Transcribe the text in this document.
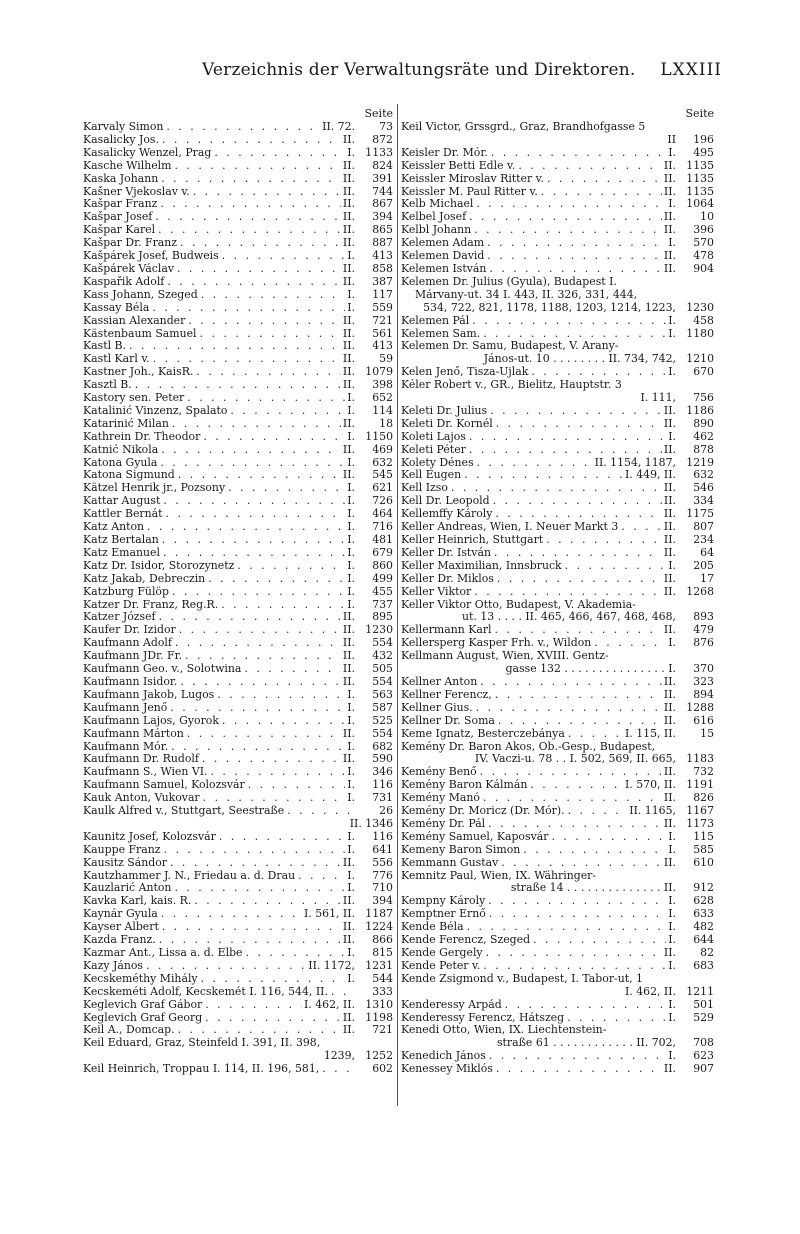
Verzeichnis der Verwaltungsräte und Direktoren. LXXIII
Seite
Karvaly Simon . . .	II. 72.	73
Kasalicky Jos. . . .	II.	872
Kasalicky Wenzel, Prag . . .	I. 1133
Kasche Wilhelm . . .	II.	824
Kaska Johann . . .	II.	391
Kašner Vjekoslav v. . . .	II.	744
Kašpar Franz . . .	II.	867
Kašpar Josef . . .	II.	394
Kašpar Karel . . .	II.	865
Kašpar Dr. Franz . . .	II.	887
Kašpárek Josef, Budweis . . .	I.	413
Kašpárek Václav . . .	II.	858
Kaspařik Adolf . . .	II.	387
Kass Johann, Szeged . . .	I.	117
Kassay Béla . . .	I.	559
Kassian Alexander . . .	II.	721
Kästenbaum Samuel . . .	II.	561
Kastl B. . . .	II.	413
Kastl Karl v. . . .	II.	59
Kastner Joh., KaisR. . . .	II. 1079
Kasztl B. . . .	II.	398
Kastory sen. Peter . . .	I.	652
Katalinić Vinzenz, Spalato . . .	I.	114
Katarinić Milan . . .	II.	18
Kathrein Dr. Theodor . . .	I. 1150
Katnić Nikola . . .	II.	469
Katona Gyula . . .	I.	632
Katona Sigmund . . .	II.	545
Kätzel Henrik jr., Pozsony . . .	I.	621
Kattar August . . .	I.	726
Kattler Bernát . . .	I.	464
Katz Anton . . .	I.	716
Katz Bertalan . . .	I.	481
Katz Emanuel . . .	I.	679
Katz Dr. Isidor, Storozynetz . . .	I.	860
Katz Jakab, Debreczin . . .	I.	499
Katzburg Fülöp . . .	I.	455
Katzer Dr. Franz, Reg.R. . . .	I.	737
Katzer József . . .	II.	895
Kaufer Dr. Izidor . . .	II. 1230
Kaufmann Adolf . . .	II.	554
Kaufmann JDr. Fr. . . .	II.	432
Kaufmann Geo. v., Solotwina . . .	II.	505
Kaufmann Isidor. . . .	II.	554
Kaufmann Jakob, Lugos . . .	I.	563
Kaufmann Jenő . . .	I.	587
Kaufmann Lajos, Gyorok . . .	I.	525
Kaufmann Márton . . .	II.	554
Kaufmann Mór. . . .	I.	682
Kaufmann Dr. Rudolf . . .	II.	590
Kaufmann S., Wien VI. . . .	I.	346
Kaufmann Samuel, Kolozsvár . . .	I.	116
Kauk Anton, Vukovar . . .	I.	731
Kaulk Alfred v., Stuttgart, Seestraße . . .	26
II. 1346
Kaunitz Josef, Kolozsvár . . .	I.	116
Kauppe Franz . . .	I.	641
Kausitz Sándor . . .	II.	556
Kautzhammer J. N., Friedau a. d. Drau . . .	I.	776
Kauzlarić Anton . . .	I.	710
Kavka Karl, kais. R. . . .	II.	394
Kaynár Gyula . . .	I. 561, II. 1187
Kayser Albert . . .	II. 1224
Kazda Franz. . . .	II.	866
Kazmar Ant., Lissa a. d. Elbe . . .	I.	815
Kazy János . . .	II. 1172, 1231
Kecskeméthy Mihály . . .	I.	544
Kecskeméti Adolf, Kecskemét I. 116, 544, II. . . .	333
Keglevich Graf Gábor . . .	I. 462, II. 1310
Keglevich Graf Georg . . .	II. 1198
Keil A., Domcap. . . .	II.	721
Keil Eduard, Graz, Steinfeld I. 391, II. 398,
1239, 1252
Keil Heinrich, Troppau I. 114, II. 196, 581, . . .	602
Seite
Keil Victor, Grssgrd., Graz, Brandhofgasse 5
II	196
Keisler Dr. Mór. . . .	I.	495
Keissler Betti Edle v. . . .	II. 1135
Keissler Miroslav Ritter v. . . .	II. 1135
Keissler M. Paul Ritter v. . . .	II. 1135
Kelb Michael . . .	I. 1064
Kelbel Josef . . .	II.	10
Kelbl Johann . . .	II.	396
Kelemen Adam . . .	I.	570
Kelemen David . . .	II.	478
Kelemen István . . .	II.	904
Kelemen Dr. Julius (Gyula), Budapest I.
Márvany-ut. 34 I. 443, II. 326, 331, 444,
534, 722, 821, 1178, 1188, 1203, 1214, 1223, 1230
Kelemen Pál . . .	I.	458
Kelemen Sam. . . .	I. 1180
Kelemen Dr. Samu, Budapest, V. Arany-
János-ut. 10 . . . . . . . . II. 734, 742, 1210
Kelen Jenő, Tisza-Ujlak . . .	I.	670
Kéler Robert v., GR., Bielitz, Hauptstr. 3
I. 111,	756
Keleti Dr. Julius . . .	II. 1186
Keleti Dr. Kornél . . .	II.	890
Koleti Lajos . . .	I.	462
Keleti Péter . . .	II.	878
Kolety Dénes . . .	II. 1154, 1187, 1219
Kell Eugen . . .	I. 449, II.	632
Kell Izso . . .	II.	546
Kell Dr. Leopold . . .	II.	334
Kellemffy Károly . . .	II. 1175
Keller Andreas, Wien, I. Neuer Markt 3 . . .	II.	807
Keller Heinrich, Stuttgart . . .	II.	234
Keller Dr. István . . .	II.	64
Keller Maximilian, Innsbruck . . .	I.	205
Keller Dr. Miklos . . .	II.	17
Keller Viktor . . .	II. 1268
Keller Viktor Otto, Budapest, V. Akademia-
ut. 13 . . . . II. 465, 466, 467, 468, 468,	893
Kellermann Karl . . .	II.	479
Kellersperg Kasper Frh. v., Wildon . . .	I.	876
Kellmann August, Wien, XVIII. Gentz-
gasse 132 . . . . . . . . . . . . . . . I.	370
Kellner Anton . . .	II.	323
Kellner Ferencz, . . .	II.	894
Kellner Gius. . . .	II. 1288
Kellner Dr. Soma . . .	II.	616
Keme Ignatz, Besterczebánya . . .	I. 115, II.	15
Kemény Dr. Baron Akos, Ob.-Gesp., Budapest,
IV. Vaczi-u. 78 . . I. 502, 569, II. 665, 1183
Kemény Benő . . .	II.	732
Kemény Baron Kálmán . . .	I. 570, II. 1191
Kemény Manó . . .	II.	826
Kemény Dr. Moricz (Dr. Mór). . . .	II. 1165, 1167
Kemény Dr. Pál . . .	II. 1173
Kemény Samuel, Kaposvár . . .	I.	115
Kemeny Baron Simon . . .	I.	585
Kemmann Gustav . . .	II.	610
Kemnitz Paul, Wien, IX. Währinger-
straße 14 . . . . . . . . . . . . . . II.	912
Kempny Károly . . .	I.	628
Kemptner Ernő . . .	I.	633
Kende Béla . . .	I.	482
Kende Ferencz, Szeged . . .	I.	644
Kende Gergely . . .	II.	82
Kende Peter v. . . .	I.	683
Kende Zsigmond v., Budapest, I. Tabor-ut, 1
I. 462, II. 1211
Kenderessy Arpád . . .	I.	501
Kenderessy Ferencz, Hátszeg . . .	I.	529
Kenedi Otto, Wien, IX. Liechtenstein-
straße 61 . . . . . . . . . . . . II. 702,	708
Kenedich János . . .	I.	623
Kenessey Miklós . . .	II.	907
